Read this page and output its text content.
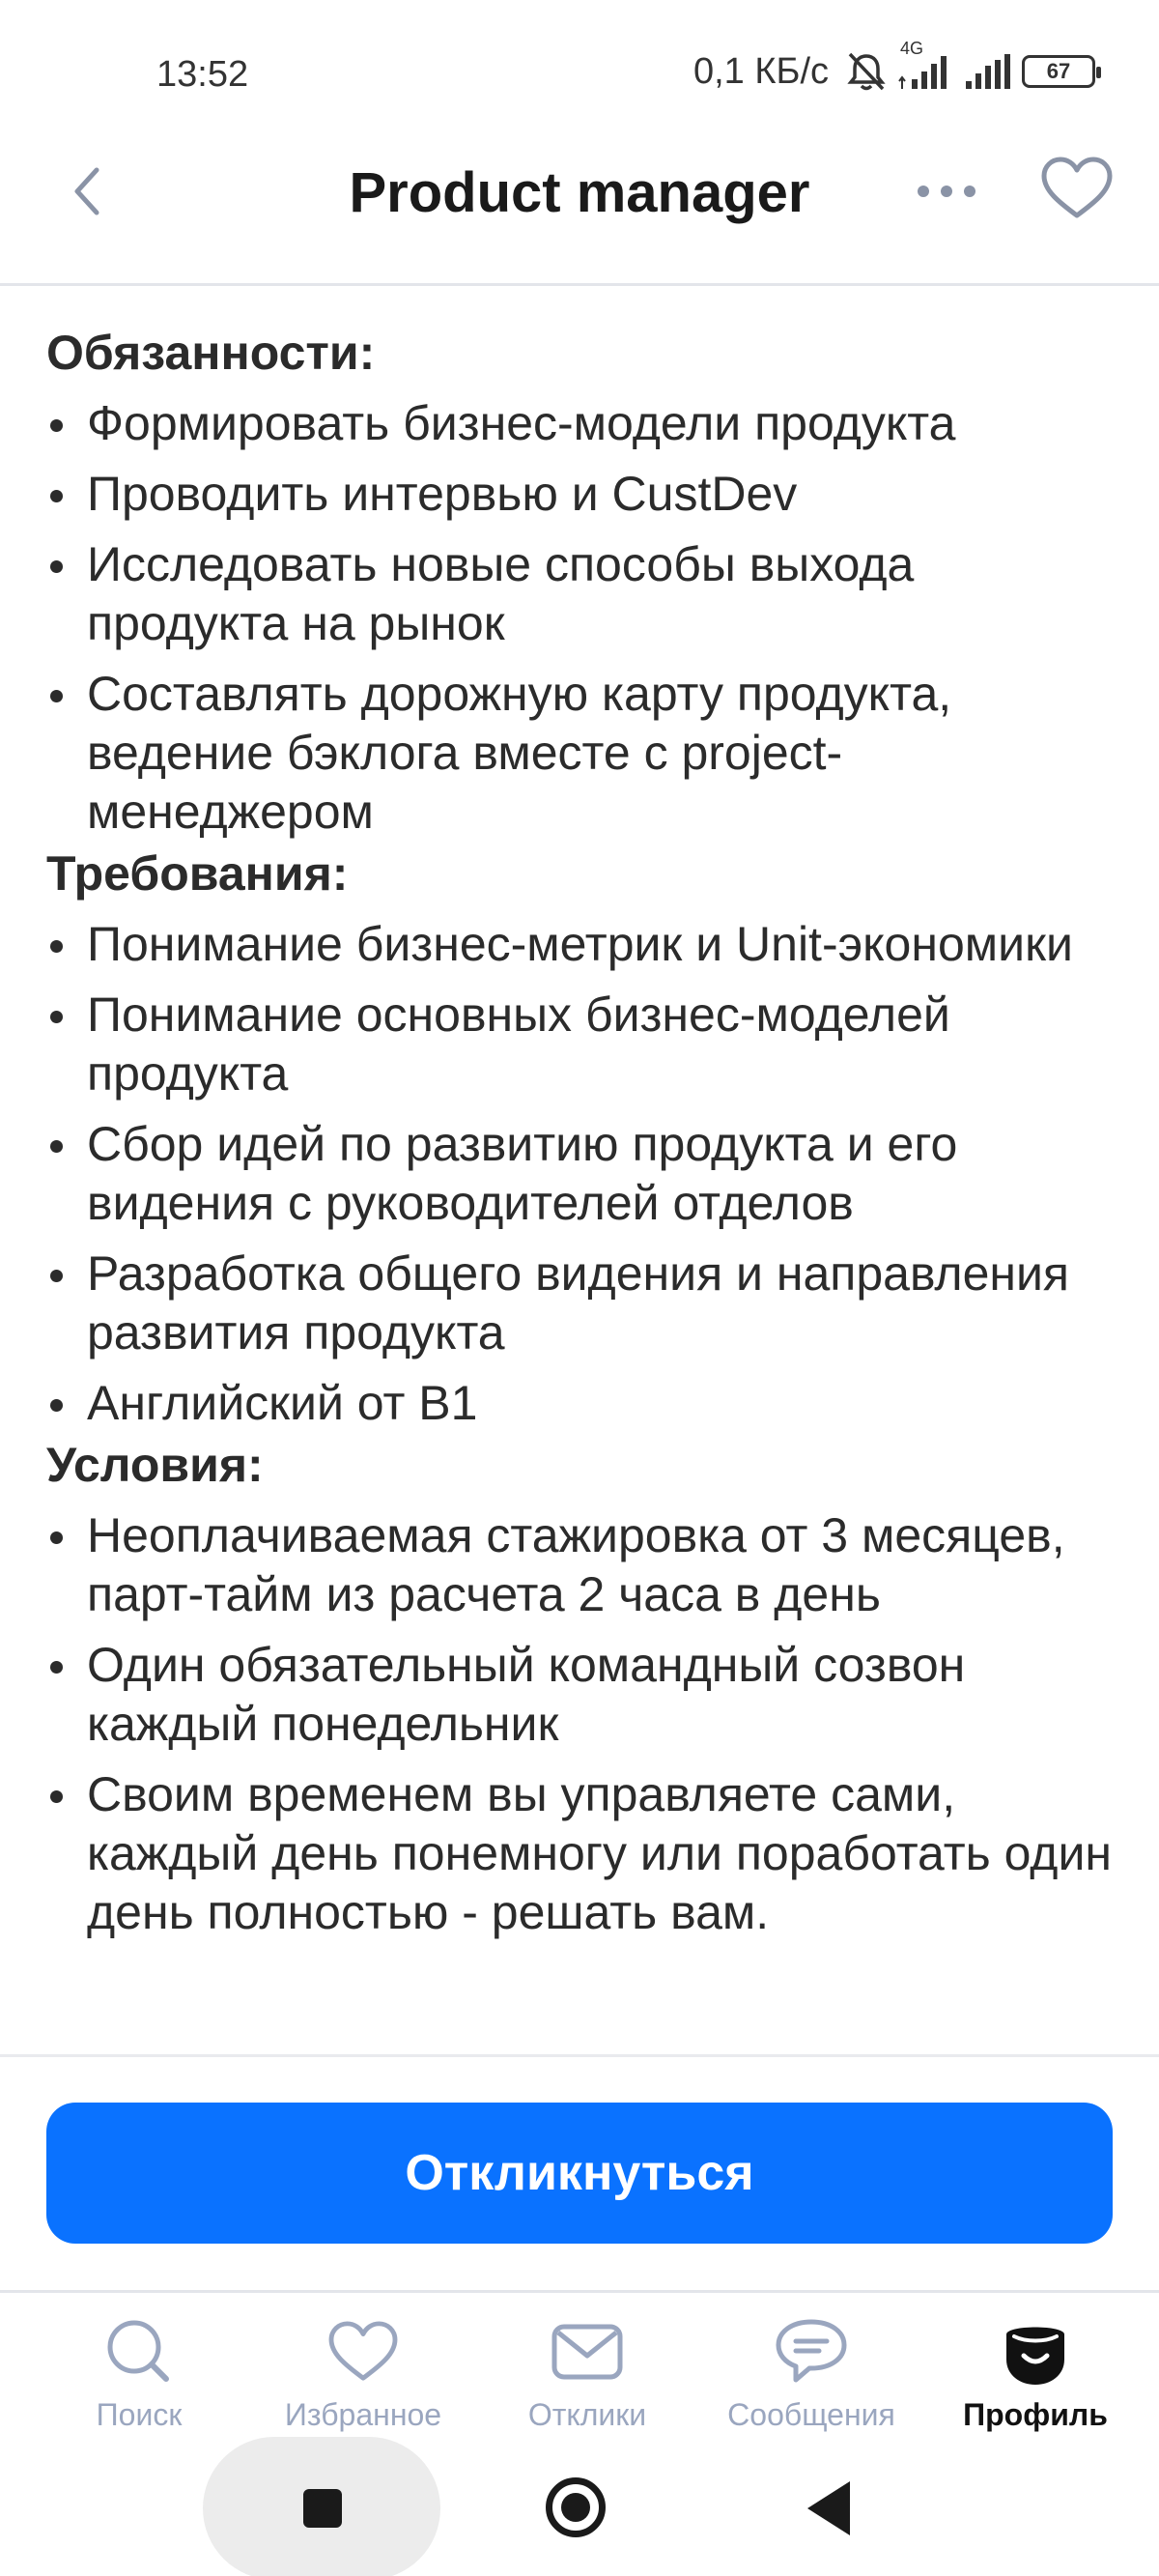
13:52	0,1 КБ/с
4G
67
Product manager
Обязанности:
Формировать бизнес-модели продукта
Проводить интервью и CustDev
Исследовать новые способы выхода продукта на рынок
Составлять дорожную карту продукта, ведение бэклога вместе с project-менеджером
Требования:
Понимание бизнес-метрик и Unit-экономики
Понимание основных бизнес-моделей продукта
Сбор идей по развитию продукта и его видения с руководителей отделов
Разработка общего видения и направления развития продукта
Английский от B1
Условия:
Неоплачиваемая стажировка от 3 месяцев, парт-тайм из расчета 2 часа в день
Один обязательный командный созвон каждый понедельник
Своим временем вы управляете сами, каждый день понемногу или поработать один день полностью - решать вам.
Откликнуться
Поиск	Избранное	Отклики	Сообщения Профиль
